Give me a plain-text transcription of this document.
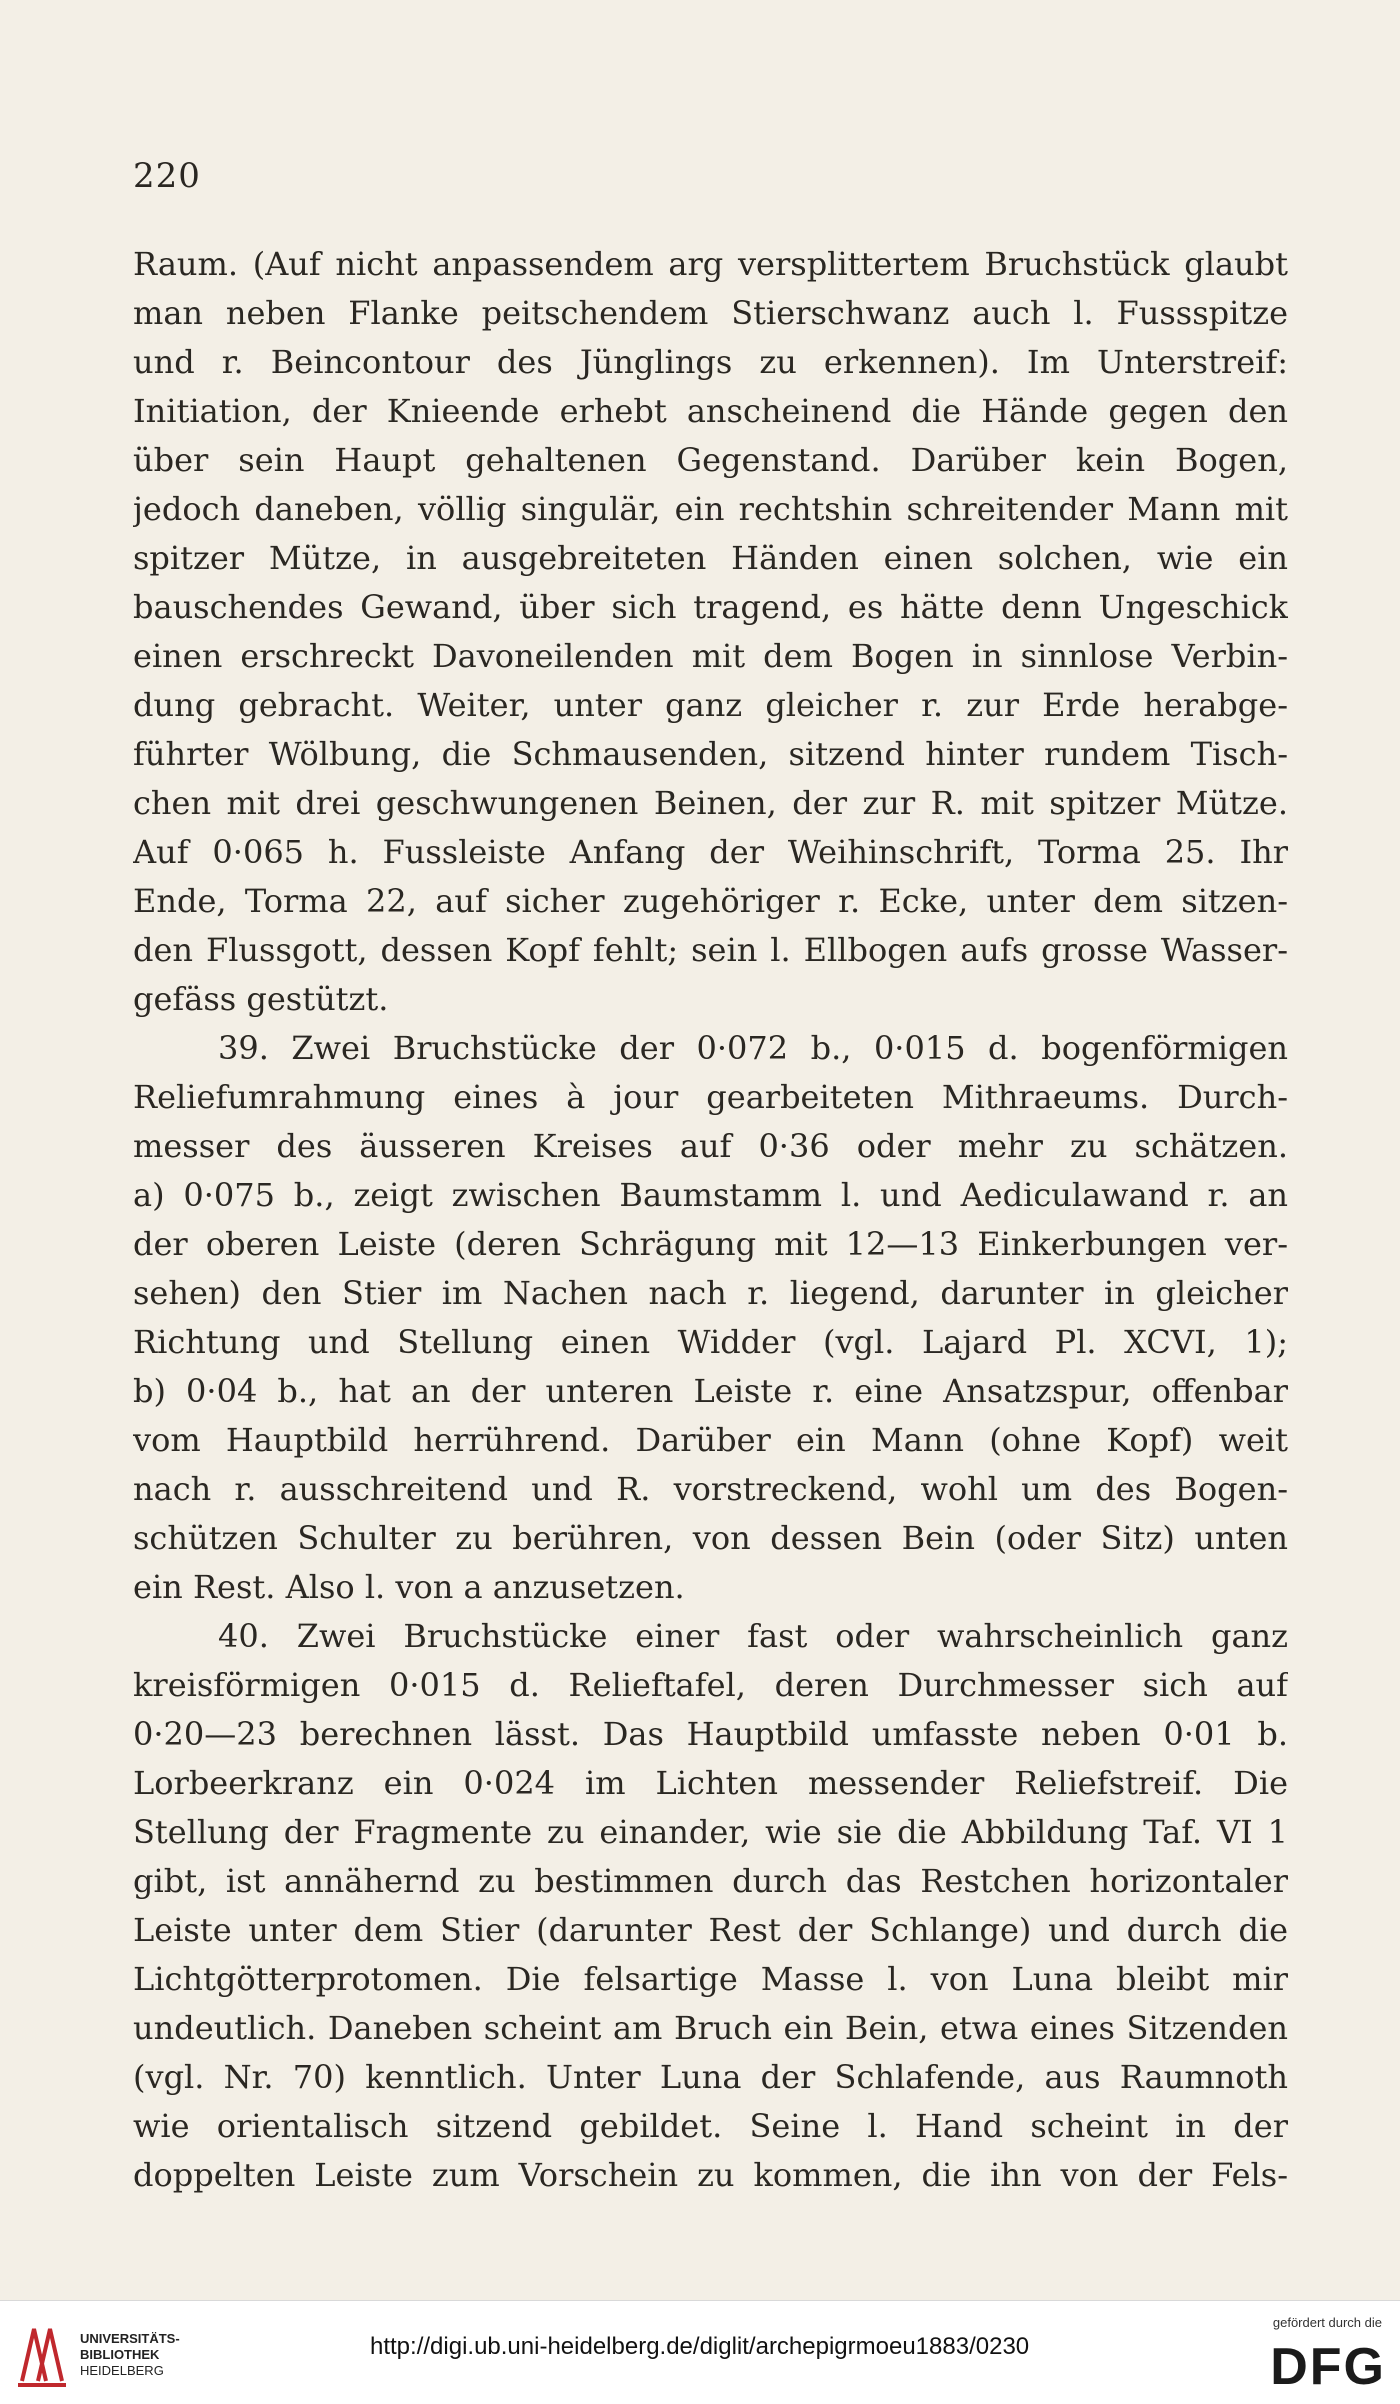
220
Raum. (Auf nicht anpassendem arg versplittertem Bruchstück glaubt
man neben Flanke peitschendem Stierschwanz auch l. Fussspitze
und r. Beincontour des Jünglings zu erkennen). Im Unterstreif:
Initiation, der Knieende erhebt anscheinend die Hände gegen den
über sein Haupt gehaltenen Gegenstand. Darüber kein Bogen,
jedoch daneben, völlig singulär, ein rechtshin schreitender Mann mit
spitzer Mütze, in ausgebreiteten Händen einen solchen, wie ein
bauschendes Gewand, über sich tragend, es hätte denn Ungeschick
einen erschreckt Davoneilenden mit dem Bogen in sinnlose Verbin-
dung gebracht. Weiter, unter ganz gleicher r. zur Erde herabge-
führter Wölbung, die Schmausenden, sitzend hinter rundem Tisch-
chen mit drei geschwungenen Beinen, der zur R. mit spitzer Mütze.
Auf 0·065 h. Fussleiste Anfang der Weihinschrift, Torma 25. Ihr
Ende, Torma 22, auf sicher zugehöriger r. Ecke, unter dem sitzen-
den Flussgott, dessen Kopf fehlt; sein l. Ellbogen aufs grosse Wasser-
gefäss gestützt.
39. Zwei Bruchstücke der 0·072 b., 0·015 d. bogenförmigen
Reliefumrahmung eines à jour gearbeiteten Mithraeums. Durch-
messer des äusseren Kreises auf 0·36 oder mehr zu schätzen.
a) 0·075 b., zeigt zwischen Baumstamm l. und Aediculawand r. an
der oberen Leiste (deren Schrägung mit 12—13 Einkerbungen ver-
sehen) den Stier im Nachen nach r. liegend, darunter in gleicher
Richtung und Stellung einen Widder (vgl. Lajard Pl. XCVI, 1);
b) 0·04 b., hat an der unteren Leiste r. eine Ansatzspur, offenbar
vom Hauptbild herrührend. Darüber ein Mann (ohne Kopf) weit
nach r. ausschreitend und R. vorstreckend, wohl um des Bogen-
schützen Schulter zu berühren, von dessen Bein (oder Sitz) unten
ein Rest. Also l. von a anzusetzen.
40. Zwei Bruchstücke einer fast oder wahrscheinlich ganz
kreisförmigen 0·015 d. Relieftafel, deren Durchmesser sich auf
0·20—23 berechnen lässt. Das Hauptbild umfasste neben 0·01 b.
Lorbeerkranz ein 0·024 im Lichten messender Reliefstreif. Die
Stellung der Fragmente zu einander, wie sie die Abbildung Taf. VI 1
gibt, ist annähernd zu bestimmen durch das Restchen horizontaler
Leiste unter dem Stier (darunter Rest der Schlange) und durch die
Lichtgötterprotomen. Die felsartige Masse l. von Luna bleibt mir
undeutlich. Daneben scheint am Bruch ein Bein, etwa eines Sitzenden
(vgl. Nr. 70) kenntlich. Unter Luna der Schlafende, aus Raumnoth
wie orientalisch sitzend gebildet. Seine l. Hand scheint in der
doppelten Leiste zum Vorschein zu kommen, die ihn von der Fels-
UNIVERSITÄTS-
BIBLIOTHEK
HEIDELBERG
http://digi.ub.uni-heidelberg.de/diglit/archepigrmoeu1883/0230
gefördert durch die
DFG
